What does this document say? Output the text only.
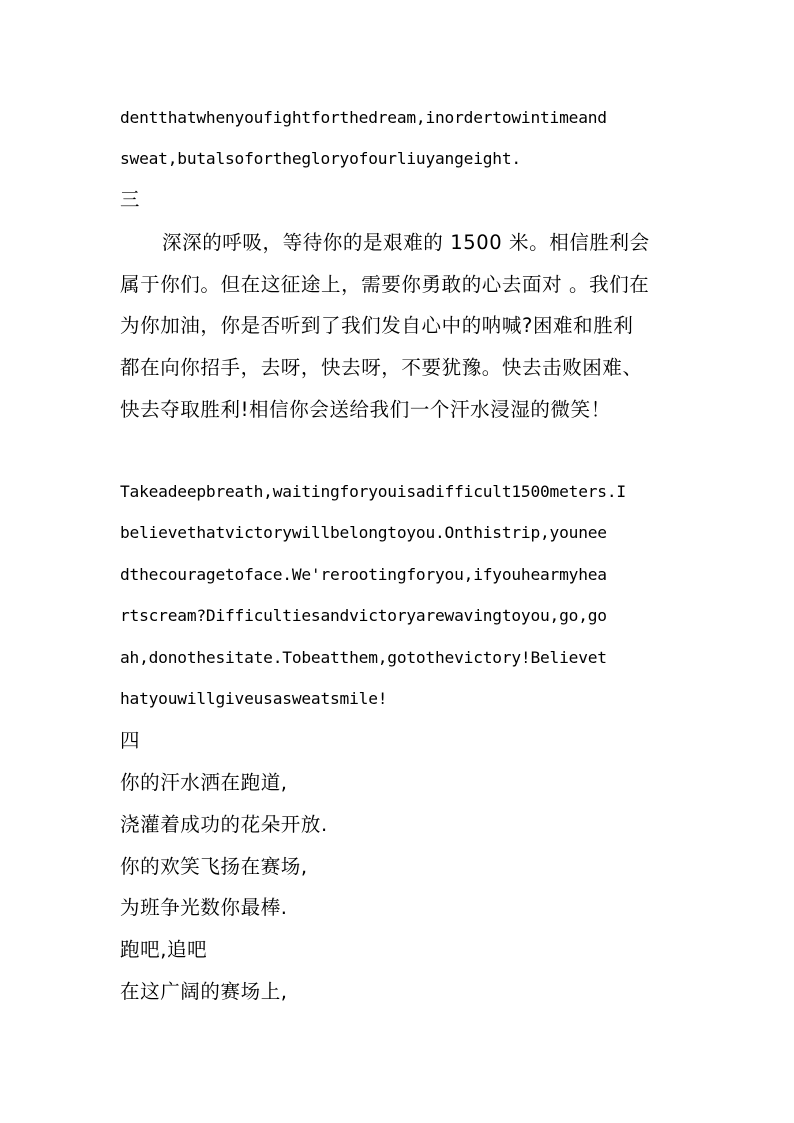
dentthatwhenyoufightforthedream,inordertowintimeand
sweat,butalsoforthegloryofourliuyangeight.
三
深深的呼吸，等待你的是艰难的 1500 米。相信胜利会
属于你们。但在这征途上，需要你勇敢的心去面对 。我们在
为你加油，你是否听到了我们发自心中的呐喊?困难和胜利
都在向你招手，去呀，快去呀，不要犹豫。快去击败困难、
快去夺取胜利!相信你会送给我们一个汗水浸湿的微笑！
Takeadeepbreath,waitingforyouisadifficult1500meters.I
believethatvictorywillbelongtoyou.Onthistrip,younee
dthecouragetoface.We'rerootingforyou,ifyouhearmyhea
rtscream?Difficultiesandvictoryarewavingtoyou,go,go
ah,donothesitate.Tobeatthem,gotothevictory!Believet
hatyouwillgiveusasweatsmile!
四
你的汗水洒在跑道,
浇灌着成功的花朵开放.
你的欢笑飞扬在赛场,
为班争光数你最棒.
跑吧,追吧
在这广阔的赛场上,
